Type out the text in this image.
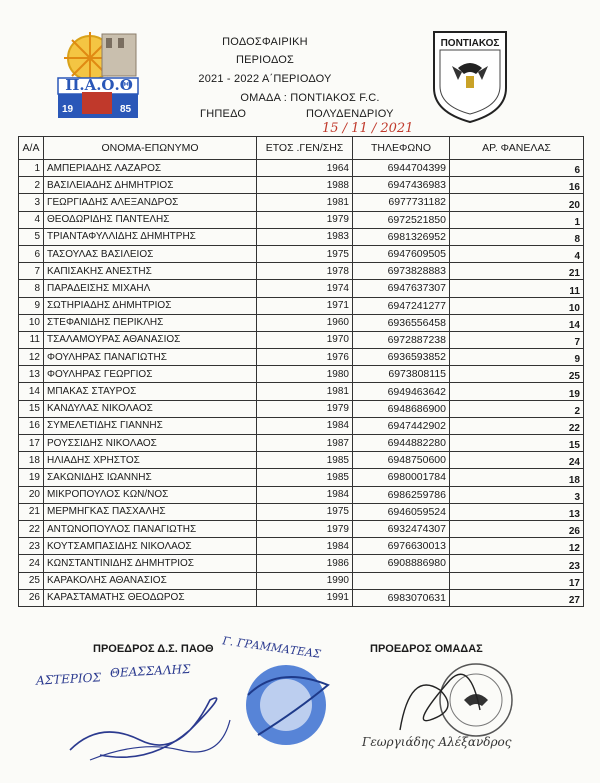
Π.Α.Ο.Θ
19	85
ΠΟΝΤΙΑΚΟΣ
ΠΟΔΟΣΦΑΙΡΙΚΗ
ΠΕΡΙΟΔΟΣ
2021 - 2022 Α΄ΠΕΡΙΟΔΟΥ
ΟΜΑΔΑ : ΠΟΝΤΙΑΚΟΣ F.C.
ΓΗΠΕΔΟ	ΠΟΛΥΔΕΝΔΡΙΟΥ
15 / 11 / 2021
Α/Α	ΟΝΟΜΑ-ΕΠΩΝΥΜΟ	ΕΤΟΣ .ΓΕΝ/ΣΗΣ	ΤΗΛΕΦΩΝΟ	ΑΡ. ΦΑΝΕΛΑΣ
1	ΑΜΠΕΡΙΑΔΗΣ ΛΑΖΑΡΟΣ	1964	6944704399	6
2	ΒΑΣΙΛΕΙΑΔΗΣ ΔΗΜΗΤΡΙΟΣ	1988	6947436983	16
3	ΓΕΩΡΓΙΑΔΗΣ ΑΛΕΞΑΝΔΡΟΣ	1981	6977731182	20
4	ΘΕΟΔΩΡΙΔΗΣ ΠΑΝΤΕΛΗΣ	1979	6972521850	1
5	ΤΡΙΑΝΤΑΦΥΛΛΙΔΗΣ ΔΗΜΗΤΡΗΣ	1983	6981326952	8
6	ΤΑΣΟΥΛΑΣ ΒΑΣΙΛΕΙΟΣ	1975	6947609505	4
7	ΚΑΠΙΣΑΚΗΣ ΑΝΕΣΤΗΣ	1978	6973828883	21
8	ΠΑΡΑΔΕΙΣΗΣ ΜΙΧΑΗΛ	1974	6947637307	11
9	ΣΩΤΗΡΙΑΔΗΣ ΔΗΜΗΤΡΙΟΣ	1971	6947241277	10
10	ΣΤΕΦΑΝΙΔΗΣ ΠΕΡΙΚΛΗΣ	1960	6936556458	14
11	ΤΣΑΛΑΜΟΥΡΑΣ ΑΘΑΝΑΣΙΟΣ	1970	6972887238	7
12	ΦΟΥΛΗΡΑΣ ΠΑΝΑΓΙΩΤΗΣ	1976	6936593852	9
13	ΦΟΥΛΗΡΑΣ ΓΕΩΡΓΙΟΣ	1980	6973808115	25
14	ΜΠΑΚΑΣ ΣΤΑΥΡΟΣ	1981	6949463642	19
15	ΚΑΝΔΥΛΑΣ ΝΙΚΟΛΑΟΣ	1979	6948686900	2
16	ΣΥΜΕΛΕΤΙΔΗΣ ΓΙΑΝΝΗΣ	1984	6947442902	22
17	ΡΟΥΣΣΙΔΗΣ ΝΙΚΟΛΑΟΣ	1987	6944882280	15
18	ΗΛΙΑΔΗΣ ΧΡΗΣΤΟΣ	1985	6948750600	24
19	ΣΑΚΩΝΙΔΗΣ ΙΩΑΝΝΗΣ	1985	6980001784	18
20	ΜΙΚΡΟΠΟΥΛΟΣ ΚΩΝ/ΝΟΣ	1984	6986259786	3
21	ΜΕΡΜΗΓΚΑΣ ΠΑΣΧΑΛΗΣ	1975	6946059524	13
22	ΑΝΤΩΝΟΠΟΥΛΟΣ ΠΑΝΑΓΙΩΤΗΣ	1979	6932474307	26
23	ΚΟΥΤΣΑΜΠΑΣΙΔΗΣ ΝΙΚΟΛΑΟΣ	1984	6976630013	12
24	ΚΩΝΣΤΑΝΤΙΝΙΔΗΣ ΔΗΜΗΤΡΙΟΣ	1986	6908886980	23
25	ΚΑΡΑΚΟΛΗΣ ΑΘΑΝΑΣΙΟΣ	1990		17
26	ΚΑΡΑΣΤΑΜΑΤΗΣ ΘΕΟΔΩΡΟΣ	1991	6983070631	27
ΠΡΟΕΔΡΟΣ Δ.Σ. ΠΑΟΘ	ΠΡΟΕΔΡΟΣ ΟΜΑΔΑΣ
Γ. ΓΡΑΜΜΑΤΕΑΣ
ΑΣΤΕΡΙΟΣ ΘΕΑΣΣΑΛΗΣ
Γεωργιάδης Αλέξανδρος
